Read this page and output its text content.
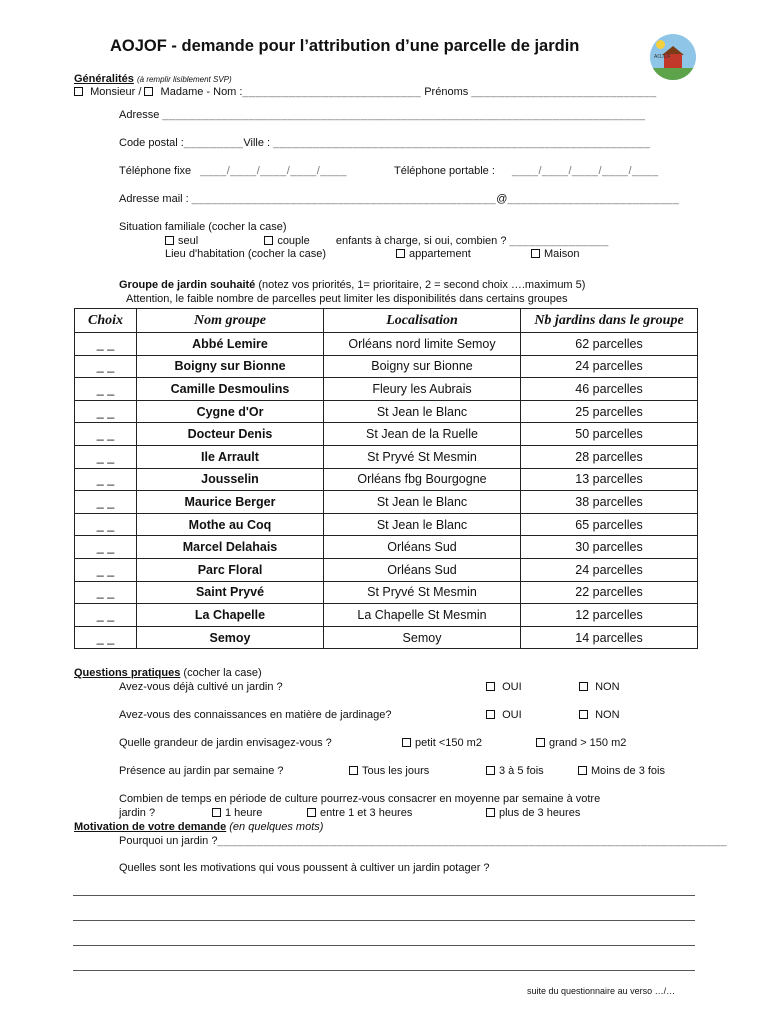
AOJOF - demande pour l’attribution d’une parcelle de jardin
AOJOF
Généralités (à remplir lisiblement SVP)
Monsieur / Madame - Nom :___________________________ Prénoms ____________________________
Adresse _________________________________________________________________________
Code postal :_________Ville : _________________________________________________________
Téléphone fixe ____/____/____/____/____	Téléphone portable : ____/____/____/____/____
Adresse mail : ______________________________________________@__________________________
Situation familiale (cocher la case)
seul	couple enfants à charge, si oui, combien ? _______________
Lieu d'habitation (cocher la case)	appartement	Maison
Groupe de jardin souhaité (notez vos priorités, 1= prioritaire, 2 = second choix ….maximum 5)
Attention, le faible nombre de parcelles peut limiter les disponibilités dans certains groupes
Choix	Nom groupe	Localisation	Nb jardins dans le groupe
_ _	Abbé Lemire	Orléans nord limite Semoy	62 parcelles
_ _	Boigny sur Bionne	Boigny sur Bionne	24 parcelles
_ _	Camille Desmoulins	Fleury les Aubrais	46 parcelles
_ _	Cygne d'Or	St Jean le Blanc	25 parcelles
_ _	Docteur Denis	St Jean de la Ruelle	50 parcelles
_ _	Ile Arrault	St Pryvé St Mesmin	28 parcelles
_ _	Jousselin	Orléans fbg Bourgogne	13 parcelles
_ _	Maurice Berger	St Jean le Blanc	38 parcelles
_ _	Mothe au Coq	St Jean le Blanc	65 parcelles
_ _	Marcel Delahais	Orléans Sud	30 parcelles
_ _	Parc Floral	Orléans Sud	24 parcelles
_ _	Saint Pryvé	St Pryvé St Mesmin	22 parcelles
_ _	La Chapelle	La Chapelle St Mesmin	12 parcelles
_ _	Semoy	Semoy	14 parcelles
Questions pratiques (cocher la case)
Avez-vous déjà cultivé un jardin ?	OUI	NON
Avez-vous des connaissances en matière de jardinage?	OUI	NON
Quelle grandeur de jardin envisagez-vous ?	petit <150 m2	grand > 150 m2
Présence au jardin par semaine ?	Tous les jours	3 à 5 fois	Moins de 3 fois
Combien de temps en période de culture pourrez-vous consacrer en moyenne par semaine à votre
jardin ?	1 heure	entre 1 et 3 heures	plus de 3 heures
Motivation de votre demande (en quelques mots)
Pourquoi un jardin ?_____________________________________________________________________________
Quelles sont les motivations qui vous poussent à cultiver un jardin potager ?
suite du questionnaire au verso …/…
